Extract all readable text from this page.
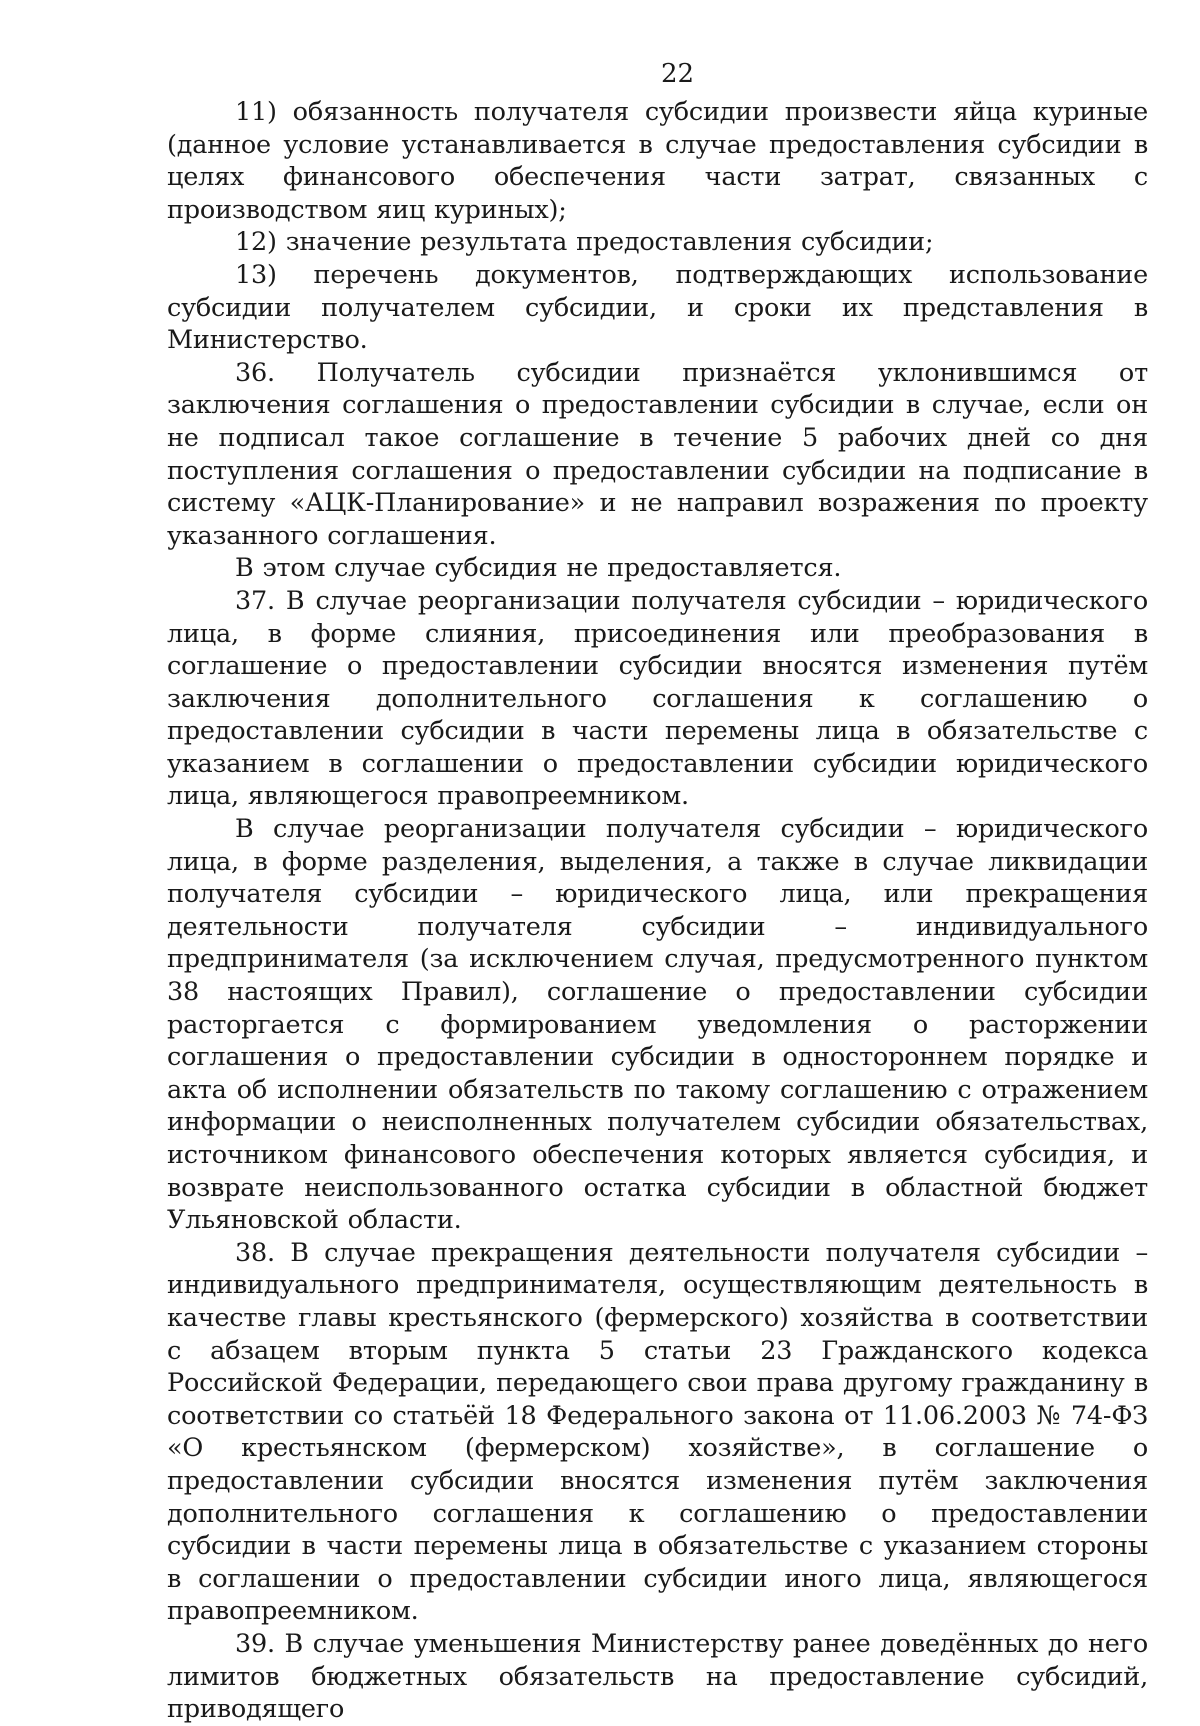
22

11) обязанность получателя субсидии произвести яйца куриные (данное условие устанавливается в случае предоставления субсидии в целях финансового обеспечения части затрат, связанных с производством яиц куриных);

12) значение результата предоставления субсидии;

13) перечень документов, подтверждающих использование субсидии получателем субсидии, и сроки их представления в Министерство.

36. Получатель субсидии признаётся уклонившимся от заключения соглашения о предоставлении субсидии в случае, если он не подписал такое соглашение в течение 5 рабочих дней со дня поступления соглашения о предоставлении субсидии на подписание в систему «АЦК-Планирование» и не направил возражения по проекту указанного соглашения.

В этом случае субсидия не предоставляется.

37. В случае реорганизации получателя субсидии – юридического лица, в форме слияния, присоединения или преобразования в соглашение о предоставлении субсидии вносятся изменения путём заключения дополнительного соглашения к соглашению о предоставлении субсидии в части перемены лица в обязательстве с указанием в соглашении о предоставлении субсидии юридического лица, являющегося правопреемником.

В случае реорганизации получателя субсидии – юридического лица, в форме разделения, выделения, а также в случае ликвидации получателя субсидии – юридического лица, или прекращения деятельности получателя субсидии – индивидуального предпринимателя (за исключением случая, предусмотренного пунктом 38 настоящих Правил), соглашение о предоставлении субсидии расторгается с формированием уведомления о расторжении соглашения о предоставлении субсидии в одностороннем порядке и акта об исполнении обязательств по такому соглашению с отражением информации о неисполненных получателем субсидии обязательствах, источником финансового обеспечения которых является субсидия, и возврате неиспользованного остатка субсидии в областной бюджет Ульяновской области.

38. В случае прекращения деятельности получателя субсидии – индивидуального предпринимателя, осуществляющим деятельность в качестве главы крестьянского (фермерского) хозяйства в соответствии с абзацем вторым пункта 5 статьи 23 Гражданского кодекса Российской Федерации, передающего свои права другому гражданину в соответствии со статьёй 18 Федерального закона от 11.06.2003 № 74-ФЗ «О крестьянском (фермерском) хозяйстве», в соглашение о предоставлении субсидии вносятся изменения путём заключения дополнительного соглашения к соглашению о предоставлении субсидии в части перемены лица в обязательстве с указанием стороны в соглашении о предоставлении субсидии иного лица, являющегося правопреемником.

39. В случае уменьшения Министерству ранее доведённых до него лимитов бюджетных обязательств на предоставление субсидий, приводящего
